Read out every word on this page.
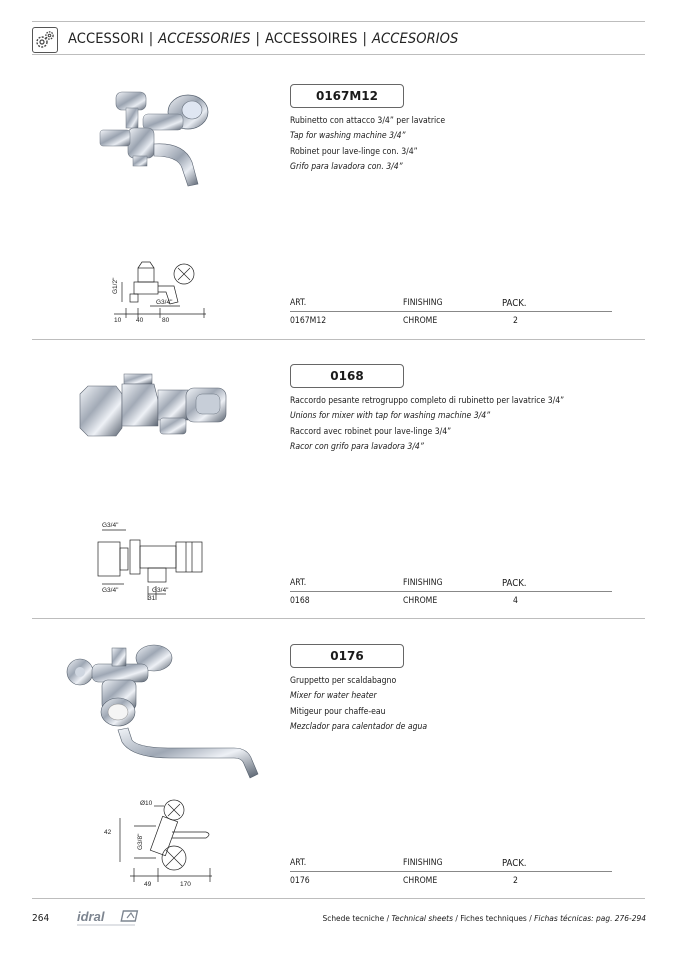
ACCESSORI | ACCESSORIES | ACCESSOIRES | ACCESORIOS
G1/2"
G3/4"
10 40	80
0167M12
Rubinetto con attacco 3/4” per lavatrice
Tap for washing machine 3/4”
Robinet pour lave-linge con. 3/4”
Grifo para lavadora con. 3/4”
ART.	FINISHING	PACK.
0167M12	CHROME	2
G3/4"
G3/4"	G3/4"
31
0168
Raccordo pesante retrogruppo completo di rubinetto per lavatrice 3/4”
Unions for mixer with tap for washing machine 3/4”
Raccord avec robinet pour lave-linge 3/4”
Racor con grifo para lavadora 3/4”
ART.	FINISHING	PACK.
0168	CHROME	4
Ø10
G3/8"
42
49	170
0176
Gruppetto per scaldabagno
Mixer for water heater
Mitigeur pour chaffe-eau
Mezclador para calentador de agua
ART.	FINISHING	PACK.
0176	CHROME	2
264 idral	Schede tecniche / Technical sheets / Fiches techniques / Fichas técnicas: pag. 276-294
